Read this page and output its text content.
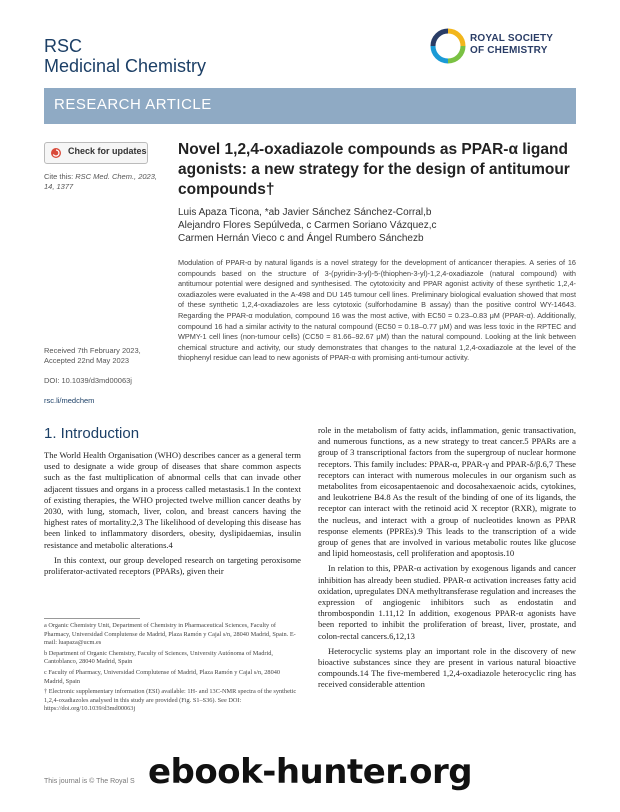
RSC
Medicinal Chemistry
ROYAL SOCIETY
OF CHEMISTRY
RESEARCH ARTICLE
Check for updates
Cite this: RSC Med. Chem., 2023, 14, 1377
Received 7th February 2023,
Accepted 22nd May 2023
DOI: 10.1039/d3md00063j
rsc.li/medchem
Novel 1,2,4-oxadiazole compounds as PPAR-α ligand agonists: a new strategy for the design of antitumour compounds†
Luis Apaza Ticona, *ab Javier Sánchez Sánchez-Corral,b
Alejandro Flores Sepúlveda, c Carmen Soriano Vázquez,c
Carmen Hernán Vieco c and Ángel Rumbero Sánchezb
Modulation of PPAR-α by natural ligands is a novel strategy for the development of anticancer therapies. A series of 16 compounds based on the structure of 3-(pyridin-3-yl)-5-(thiophen-3-yl)-1,2,4-oxadiazole (natural compound) with antitumour potential were designed and synthesised. The cytotoxicity and PPAR agonist activity of these synthetic 1,2,4-oxadiazoles were evaluated in the A-498 and DU 145 tumour cell lines. Preliminary biological evaluation showed that most of these synthetic 1,2,4-oxadiazoles are less cytotoxic (sulforhodamine B assay) than the positive control WY-14643. Regarding the PPAR-α modulation, compound 16 was the most active, with EC50 = 0.23–0.83 μM (PPAR-α). Additionally, compound 16 had a similar activity to the natural compound (EC50 = 0.18–0.77 μM) and was less toxic in the RPTEC and WPMY-1 cell lines (non-tumour cells) (CC50 = 81.66–92.67 μM) than the natural compound. Looking at the link between chemical structure and activity, our study demonstrates that changes to the natural 1,2,4-oxadiazole at the level of the thiophenyl residue can lead to new agonists of PPAR-α with promising anti-tumour activity.
1. Introduction

The World Health Organisation (WHO) describes cancer as a general term used to designate a wide group of diseases that share common aspects such as the fast multiplication of abnormal cells that can invade other adjacent tissues and organs in a process called metastasis.1 In the context of existing therapies, the WHO projected twelve million cancer deaths by 2030, with lung, stomach, liver, colon, and breast cancers having the highest rates of mortality.2,3 The likelihood of developing this disease has been linked to inflammatory disorders, obesity, dyslipidaemias, insulin resistance and metabolic alterations.4

In this context, our group developed research on targeting peroxisome proliferator-activated receptors (PPARs), given their

role in the metabolism of fatty acids, inflammation, genic transactivation, and numerous functions, as a new strategy to treat cancer.5 PPARs are a group of 3 transcriptional factors from the supergroup of nuclear hormone receptors. This family includes: PPAR-α, PPAR-γ and PPAR-δ/β.6,7 These receptors can interact with numerous molecules in our organism such as metabolites from eicosapentaenoic and docosahexaenoic acids, cytokines, and leukotriene B4.8 As the result of the binding of one of its ligands, the receptor can interact with the retinoid acid X receptor (RXR), migrate to the nucleus, and interact with a group of nucleotides known as PPAR response elements (PPREs).9 This leads to the transcription of a wide group of genes that are involved in various metabolic routes like glucose and lipid homeostasis, cell proliferation and apoptosis.10

In relation to this, PPAR-α activation by exogenous ligands and cancer inhibition has already been studied. PPAR-α activation increases fatty acid oxidation, upregulates DNA methyltransferase regulation and increases the expression of angiogenic inhibitors such as endostatin and thrombospondin 1.11,12 In addition, exogenous PPAR-α agonists have been reported to inhibit the proliferation of breast, liver, prostate, and colon-rectal cancers.6,12,13

Heterocyclic systems play an important role in the discovery of new bioactive substances since they are present in various natural bioactive compounds.14 The five-membered 1,2,4-oxadiazole heterocyclic ring has received considerable attention

a Organic Chemistry Unit, Department of Chemistry in Pharmaceutical Sciences, Faculty of Pharmacy, Universidad Complutense de Madrid, Plaza Ramón y Cajal s/n, 28040 Madrid, Spain. E-mail: luapaza@ucm.es

b Department of Organic Chemistry, Faculty of Sciences, University Autónoma of Madrid, Cantoblanco, 28040 Madrid, Spain

c Faculty of Pharmacy, Universidad Complutense of Madrid, Plaza Ramón y Cajal s/n, 28040 Madrid, Spain

† Electronic supplementary information (ESI) available: 1H- and 13C-NMR spectra of the synthetic 1,2,4-oxadiazoles analysed in this study are provided (Fig. S1–S36). See DOI: https://doi.org/10.1039/d3md00063j

This journal is © The Royal S ebook-hunter.org
